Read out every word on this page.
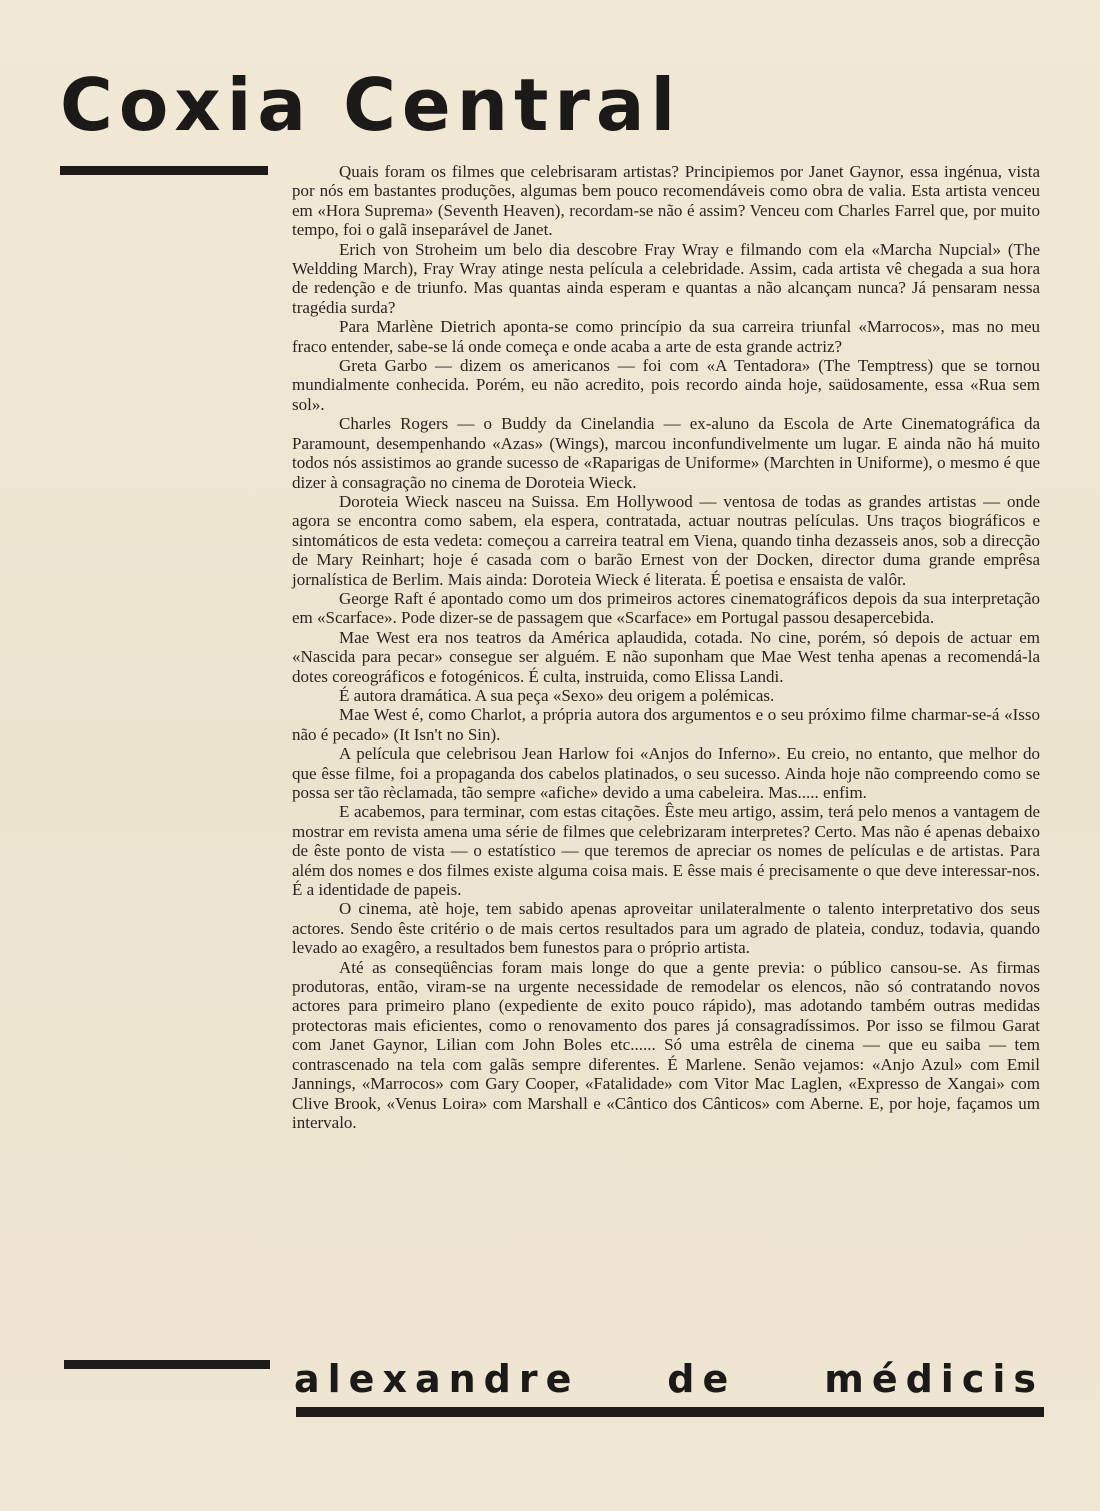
Coxia Central

Quais foram os filmes que celebrisaram artistas? Principiemos por Janet Gaynor, essa ingénua, vista por nós em bastantes produções, algumas bem pouco recomendáveis como obra de valia. Esta artista venceu em «Hora Suprema» (Seventh Heaven), recordam-se não é assim? Venceu com Charles Farrel que, por muito tempo, foi o galã inseparável de Janet.

Erich von Stroheim um belo dia descobre Fray Wray e filmando com ela «Marcha Nupcial» (The Weldding March), Fray Wray atinge nesta película a celebridade. Assim, cada artista vê chegada a sua hora de redenção e de triunfo. Mas quantas ainda esperam e quantas a não alcançam nunca? Já pensaram nessa tragédia surda?

Para Marlène Dietrich aponta-se como princípio da sua carreira triunfal «Marrocos», mas no meu fraco entender, sabe-se lá onde começa e onde acaba a arte de esta grande actriz?

Greta Garbo — dizem os americanos — foi com «A Tentadora» (The Temptress) que se tornou mundialmente conhecida. Porém, eu não acredito, pois recordo ainda hoje, saüdosamente, essa «Rua sem sol».

Charles Rogers — o Buddy da Cinelandia — ex-aluno da Escola de Arte Cinematográfica da Paramount, desempenhando «Azas» (Wings), marcou inconfundivelmente um lugar. E ainda não há muito todos nós assistimos ao grande sucesso de «Raparigas de Uniforme» (Marchten in Uniforme), o mesmo é que dizer à consagração no cinema de Doroteia Wieck.

Doroteia Wieck nasceu na Suissa. Em Hollywood — ventosa de todas as grandes artistas — onde agora se encontra como sabem, ela espera, contratada, actuar noutras películas. Uns traços biográficos e sintomáticos de esta vedeta: começou a carreira teatral em Viena, quando tinha dezasseis anos, sob a direcção de Mary Reinhart; hoje é casada com o barão Ernest von der Docken, director duma grande emprêsa jornalística de Berlim. Mais ainda: Doroteia Wieck é literata. É poetisa e ensaista de valôr.

George Raft é apontado como um dos primeiros actores cinematográficos depois da sua interpretação em «Scarface». Pode dizer-se de passagem que «Scarface» em Portugal passou desapercebida.

Mae West era nos teatros da América aplaudida, cotada. No cine, porém, só depois de actuar em «Nascida para pecar» consegue ser alguém. E não suponham que Mae West tenha apenas a recomendá-la dotes coreográficos e fotogénicos. É culta, instruida, como Elissa Landi.

É autora dramática. A sua peça «Sexo» deu origem a polémicas.

Mae West é, como Charlot, a própria autora dos argumentos e o seu próximo filme charmar-se-á «Isso não é pecado» (It Isn't no Sin).

A película que celebrisou Jean Harlow foi «Anjos do Inferno». Eu creio, no entanto, que melhor do que êsse filme, foi a propaganda dos cabelos platinados, o seu sucesso. Ainda hoje não compreendo como se possa ser tão rèclamada, tão sempre «afiche» devido a uma cabeleira. Mas..... enfim.

E acabemos, para terminar, com estas citações. Êste meu artigo, assim, terá pelo menos a vantagem de mostrar em revista amena uma série de filmes que celebrizaram interpretes? Certo. Mas não é apenas debaixo de êste ponto de vista — o estatístico — que teremos de apreciar os nomes de películas e de artistas. Para além dos nomes e dos filmes existe alguma coisa mais. E êsse mais é precisamente o que deve interessar-nos. É a identidade de papeis.

O cinema, atè hoje, tem sabido apenas aproveitar unilateralmente o talento interpretativo dos seus actores. Sendo êste critério o de mais certos resultados para um agrado de plateia, conduz, todavia, quando levado ao exagêro, a resultados bem funestos para o próprio artista.

Até as conseqüências foram mais longe do que a gente previa: o público cansou-se. As firmas produtoras, então, viram-se na urgente necessidade de remodelar os elencos, não só contratando novos actores para primeiro plano (expediente de exito pouco rápido), mas adotando também outras medidas protectoras mais eficientes, como o renovamento dos pares já consagradíssimos. Por isso se filmou Garat com Janet Gaynor, Lilian com John Boles etc...... Só uma estrêla de cinema — que eu saiba — tem contrascenado na tela com galãs sempre diferentes. É Marlene. Senão vejamos: «Anjo Azul» com Emil Jannings, «Marrocos» com Gary Cooper, «Fatalidade» com Vitor Mac Laglen, «Expresso de Xangai» com Clive Brook, «Venus Loira» com Marshall e «Cântico dos Cânticos» com Aberne. E, por hoje, façamos um intervalo.

alexandre de médicis
